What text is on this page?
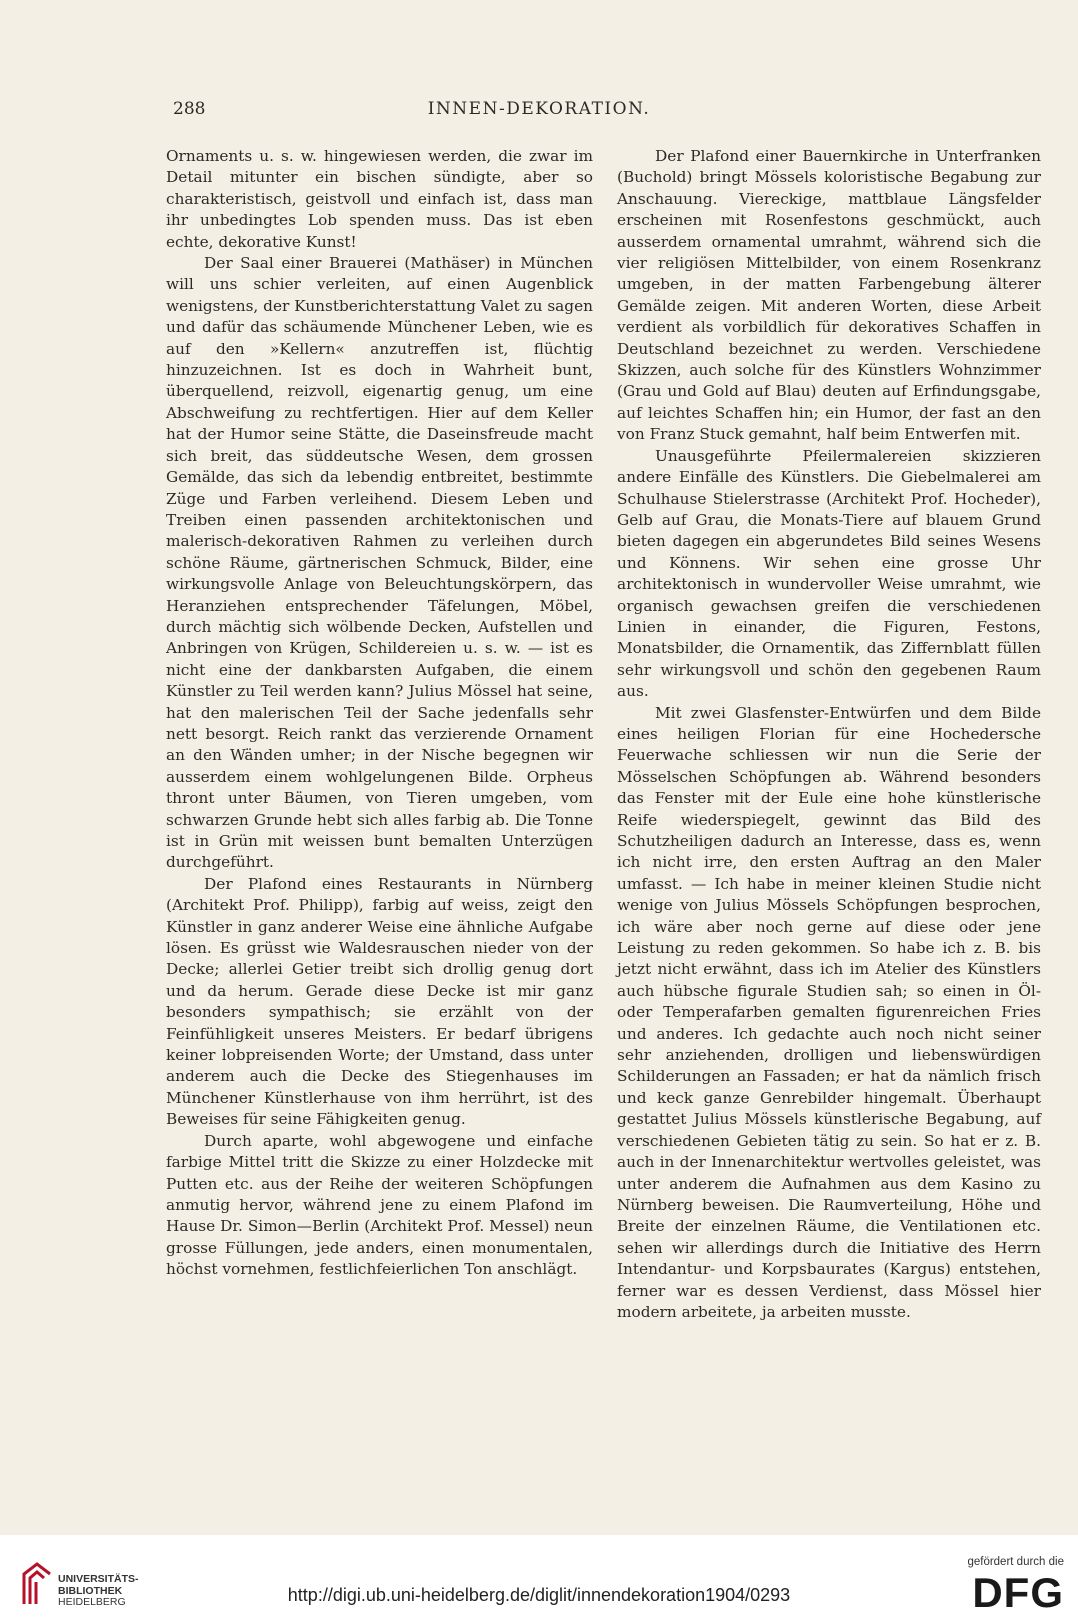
288	INNEN-DEKORATION.

Ornaments u. s. w. hingewiesen werden, die zwar im Detail mitunter ein bischen sündigte, aber so charakteristisch, geistvoll und einfach ist, dass man ihr unbedingtes Lob spenden muss. Das ist eben echte, dekorative Kunst!

Der Saal einer Brauerei (Mathäser) in München will uns schier verleiten, auf einen Augenblick wenigstens, der Kunstberichterstattung Valet zu sagen und dafür das schäumende Münchener Leben, wie es auf den »Kellern« anzutreffen ist, flüchtig hinzuzeichnen. Ist es doch in Wahrheit bunt, überquellend, reizvoll, eigenartig genug, um eine Abschweifung zu rechtfertigen. Hier auf dem Keller hat der Humor seine Stätte, die Daseinsfreude macht sich breit, das süddeutsche Wesen, dem grossen Gemälde, das sich da lebendig entbreitet, bestimmte Züge und Farben verleihend. Diesem Leben und Treiben einen passenden architektonischen und malerisch-dekorativen Rahmen zu verleihen durch schöne Räume, gärtnerischen Schmuck, Bilder, eine wirkungsvolle Anlage von Beleuchtungskörpern, das Heranziehen entsprechender Täfelungen, Möbel, durch mächtig sich wölbende Decken, Aufstellen und Anbringen von Krügen, Schildereien u. s. w. — ist es nicht eine der dankbarsten Aufgaben, die einem Künstler zu Teil werden kann? Julius Mössel hat seine, hat den malerischen Teil der Sache jedenfalls sehr nett besorgt. Reich rankt das verzierende Ornament an den Wänden umher; in der Nische begegnen wir ausserdem einem wohlgelungenen Bilde. Orpheus thront unter Bäumen, von Tieren umgeben, vom schwarzen Grunde hebt sich alles farbig ab. Die Tonne ist in Grün mit weissen bunt bemalten Unterzügen durchgeführt.

Der Plafond eines Restaurants in Nürnberg (Architekt Prof. Philipp), farbig auf weiss, zeigt den Künstler in ganz anderer Weise eine ähnliche Aufgabe lösen. Es grüsst wie Waldesrauschen nieder von der Decke; allerlei Getier treibt sich drollig genug dort und da herum. Gerade diese Decke ist mir ganz besonders sympathisch; sie erzählt von der Feinfühligkeit unseres Meisters. Er bedarf übrigens keiner lobpreisenden Worte; der Umstand, dass unter anderem auch die Decke des Stiegenhauses im Münchener Künstlerhause von ihm herrührt, ist des Beweises für seine Fähigkeiten genug.

Durch aparte, wohl abgewogene und einfache farbige Mittel tritt die Skizze zu einer Holzdecke mit Putten etc. aus der Reihe der weiteren Schöpfungen anmutig hervor, während jene zu einem Plafond im Hause Dr. Simon—Berlin (Architekt Prof. Messel) neun grosse Füllungen, jede anders, einen monumentalen, höchst vornehmen, festlichfeierlichen Ton anschlägt.

Der Plafond einer Bauernkirche in Unterfranken (Buchold) bringt Mössels koloristische Begabung zur Anschauung. Viereckige, mattblaue Längsfelder erscheinen mit Rosenfestons geschmückt, auch ausserdem ornamental umrahmt, während sich die vier religiösen Mittelbilder, von einem Rosenkranz umgeben, in der matten Farbengebung älterer Gemälde zeigen. Mit anderen Worten, diese Arbeit verdient als vorbildlich für dekoratives Schaffen in Deutschland bezeichnet zu werden. Verschiedene Skizzen, auch solche für des Künstlers Wohnzimmer (Grau und Gold auf Blau) deuten auf Erfindungsgabe, auf leichtes Schaffen hin; ein Humor, der fast an den von Franz Stuck gemahnt, half beim Entwerfen mit.

Unausgeführte Pfeilermalereien skizzieren andere Einfälle des Künstlers. Die Giebelmalerei am Schulhause Stielerstrasse (Architekt Prof. Hocheder), Gelb auf Grau, die Monats-Tiere auf blauem Grund bieten dagegen ein abgerundetes Bild seines Wesens und Könnens. Wir sehen eine grosse Uhr architektonisch in wundervoller Weise umrahmt, wie organisch gewachsen greifen die verschiedenen Linien in einander, die Figuren, Festons, Monatsbilder, die Ornamentik, das Ziffernblatt füllen sehr wirkungsvoll und schön den gegebenen Raum aus.

Mit zwei Glasfenster-Entwürfen und dem Bilde eines heiligen Florian für eine Hochedersche Feuerwache schliessen wir nun die Serie der Mösselschen Schöpfungen ab. Während besonders das Fenster mit der Eule eine hohe künstlerische Reife wiederspiegelt, gewinnt das Bild des Schutzheiligen dadurch an Interesse, dass es, wenn ich nicht irre, den ersten Auftrag an den Maler umfasst. — Ich habe in meiner kleinen Studie nicht wenige von Julius Mössels Schöpfungen besprochen, ich wäre aber noch gerne auf diese oder jene Leistung zu reden gekommen. So habe ich z. B. bis jetzt nicht erwähnt, dass ich im Atelier des Künstlers auch hübsche figurale Studien sah; so einen in Öl- oder Temperafarben gemalten figurenreichen Fries und anderes. Ich gedachte auch noch nicht seiner sehr anziehenden, drolligen und liebenswürdigen Schilderungen an Fassaden; er hat da nämlich frisch und keck ganze Genrebilder hingemalt. Überhaupt gestattet Julius Mössels künstlerische Begabung, auf verschiedenen Gebieten tätig zu sein. So hat er z. B. auch in der Innenarchitektur wertvolles geleistet, was unter anderem die Aufnahmen aus dem Kasino zu Nürnberg beweisen. Die Raumverteilung, Höhe und Breite der einzelnen Räume, die Ventilationen etc. sehen wir allerdings durch die Initiative des Herrn Intendantur- und Korpsbaurates (Kargus) entstehen, ferner war es dessen Verdienst, dass Mössel hier modern arbeitete, ja arbeiten musste.

UNIVERSITÄTS-
BIBLIOTHEK
HEIDELBERG	http://digi.ub.uni-heidelberg.de/diglit/innendekoration1904/0293
gefördert durch die
DFG
